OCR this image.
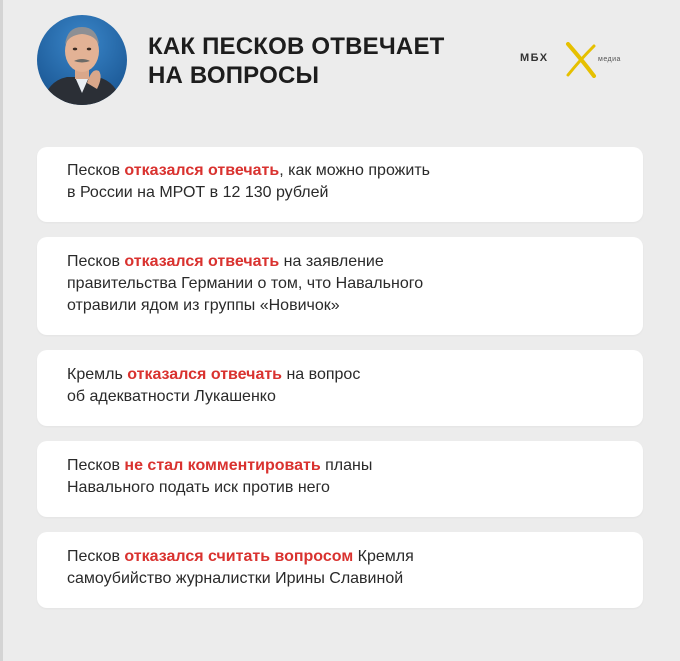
КАК ПЕСКОВ ОТВЕЧАЕТ
НА ВОПРОСЫ
МБХ	медиа

Песков отказался отвечать, как можно прожить

в России на МРОТ в 12 130 рублей

Песков отказался отвечать на заявление

правительства Германии о том, что Навального

отравили ядом из группы «Новичок»

Кремль отказался отвечать на вопрос

об адекватности Лукашенко

Песков не стал комментировать планы

Навального подать иск против него

Песков отказался считать вопросом Кремля

самоубийство журналистки Ирины Славиной
